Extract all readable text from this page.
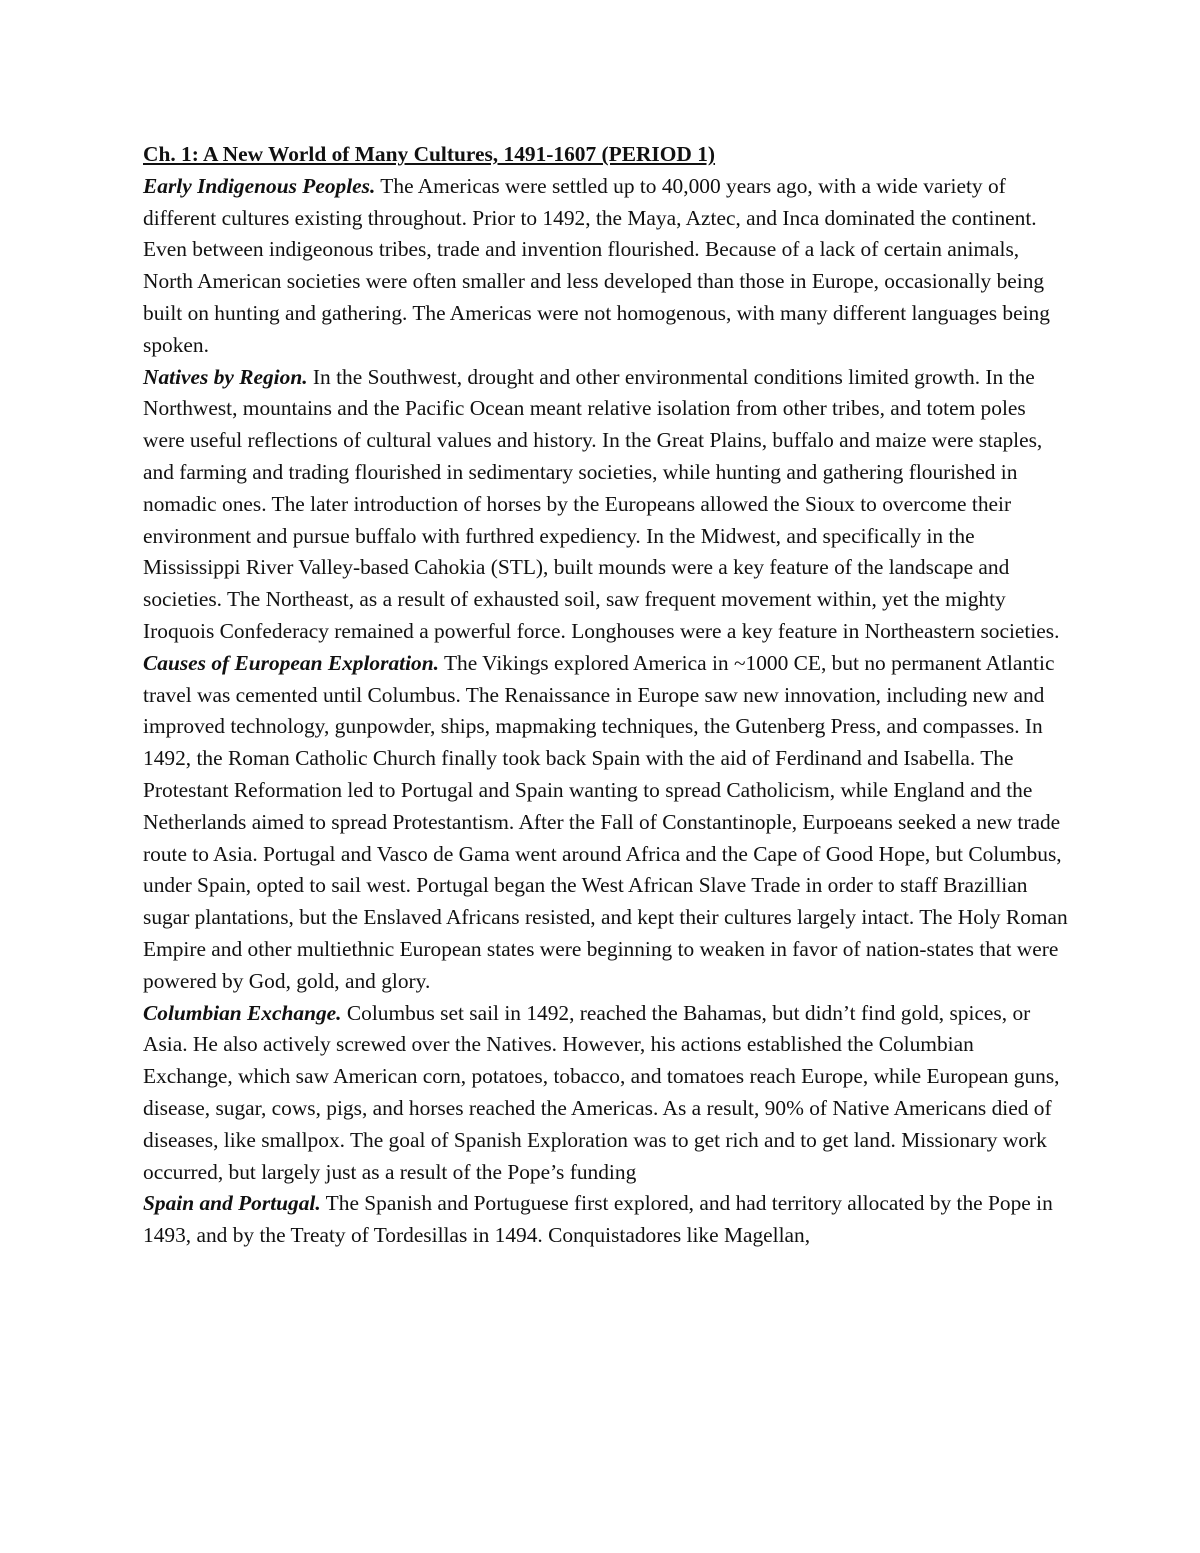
Ch. 1: A New World of Many Cultures, 1491-1607 (PERIOD 1)

Early Indigenous Peoples. The Americas were settled up to 40,000 years ago, with a wide variety of different cultures existing throughout. Prior to 1492, the Maya, Aztec, and Inca dominated the continent. Even between indigeonous tribes, trade and invention flourished. Because of a lack of certain animals, North American societies were often smaller and less developed than those in Europe, occasionally being built on hunting and gathering. The Americas were not homogenous, with many different languages being spoken.

Natives by Region. In the Southwest, drought and other environmental conditions limited growth. In the Northwest, mountains and the Pacific Ocean meant relative isolation from other tribes, and totem poles were useful reflections of cultural values and history. In the Great Plains, buffalo and maize were staples, and farming and trading flourished in sedimentary societies, while hunting and gathering flourished in nomadic ones. The later introduction of horses by the Europeans allowed the Sioux to overcome their environment and pursue buffalo with furthred expediency. In the Midwest, and specifically in the Mississippi River Valley-based Cahokia (STL), built mounds were a key feature of the landscape and societies. The Northeast, as a result of exhausted soil, saw frequent movement within, yet the mighty Iroquois Confederacy remained a powerful force. Longhouses were a key feature in Northeastern societies.

Causes of European Exploration. The Vikings explored America in ~1000 CE, but no permanent Atlantic travel was cemented until Columbus. The Renaissance in Europe saw new innovation, including new and improved technology, gunpowder, ships, mapmaking techniques, the Gutenberg Press, and compasses. In 1492, the Roman Catholic Church finally took back Spain with the aid of Ferdinand and Isabella. The Protestant Reformation led to Portugal and Spain wanting to spread Catholicism, while England and the Netherlands aimed to spread Protestantism. After the Fall of Constantinople, Eurpoeans seeked a new trade route to Asia. Portugal and Vasco de Gama went around Africa and the Cape of Good Hope, but Columbus, under Spain, opted to sail west. Portugal began the West African Slave Trade in order to staff Brazillian sugar plantations, but the Enslaved Africans resisted, and kept their cultures largely intact. The Holy Roman Empire and other multiethnic European states were beginning to weaken in favor of nation-states that were powered by God, gold, and glory.

Columbian Exchange. Columbus set sail in 1492, reached the Bahamas, but didn’t find gold, spices, or Asia. He also actively screwed over the Natives. However, his actions established the Columbian Exchange, which saw American corn, potatoes, tobacco, and tomatoes reach Europe, while European guns, disease, sugar, cows, pigs, and horses reached the Americas. As a result, 90% of Native Americans died of diseases, like smallpox. The goal of Spanish Exploration was to get rich and to get land. Missionary work occurred, but largely just as a result of the Pope’s funding

Spain and Portugal. The Spanish and Portuguese first explored, and had territory allocated by the Pope in 1493, and by the Treaty of Tordesillas in 1494. Conquistadores like Magellan,
